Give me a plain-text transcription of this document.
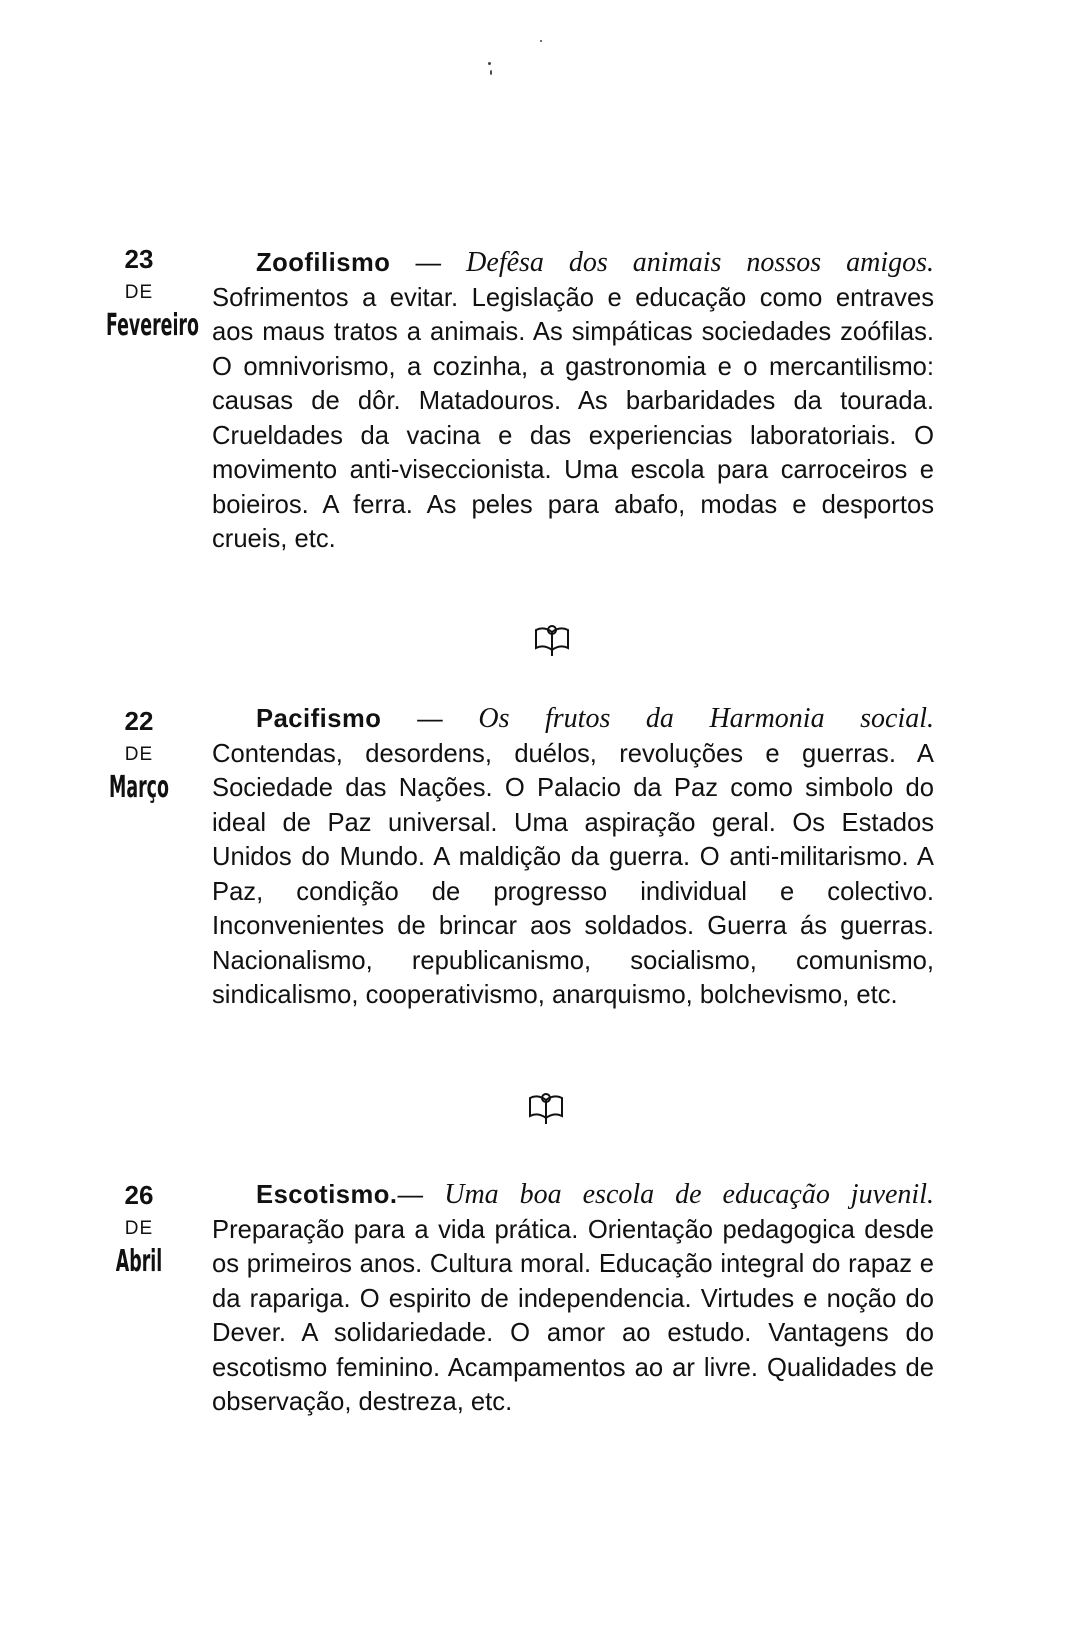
23
DE
Fevereiro
Zoofilismo — Defêsa dos animais nossos amigos.
Sofrimentos a evitar. Legislação e educação como entraves aos maus tratos a animais. As simpáticas sociedades zoófilas. O omnivorismo, a cozinha, a gastronomia e o mercantilismo: causas de dôr. Matadouros. As barbaridades da tourada. Crueldades da vacina e das experiencias laboratoriais. O movimento anti-viseccionista. Uma escola para carroceiros e boieiros. A ferra. As peles para abafo, modas e desportos crueis, etc.
22
DE
Março
Pacifismo — Os frutos da Harmonia social.
Contendas, desordens, duélos, revoluções e guerras. A Sociedade das Nações. O Palacio da Paz como simbolo do ideal de Paz universal. Uma aspiração geral. Os Estados Unidos do Mundo. A maldição da guerra. O anti-militarismo. A Paz, condição de progresso individual e colectivo. Inconvenientes de brincar aos soldados. Guerra ás guerras. Nacionalismo, republicanismo, socialismo, comunismo, sindicalismo, cooperativismo, anarquismo, bolchevismo, etc.
26
DE
Abril
Escotismo.— Uma boa escola de educação juvenil.
Preparação para a vida prática. Orientação pedagogica desde os primeiros anos. Cultura moral. Educação integral do rapaz e da rapariga. O espirito de independencia. Virtudes e noção do Dever. A solidariedade. O amor ao estudo. Vantagens do escotismo feminino. Acampamentos ao ar livre. Qualidades de observação, destreza, etc.
